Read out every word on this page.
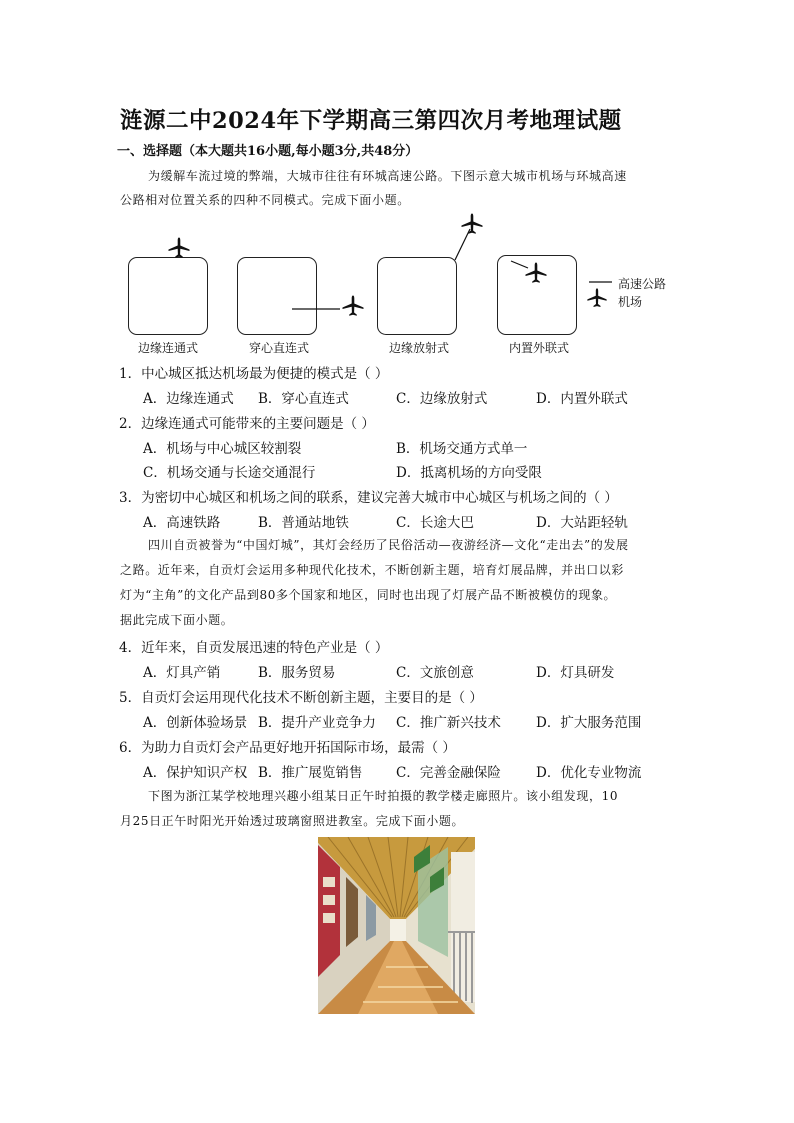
涟源二中2024年下学期高三第四次月考地理试题
一、选择题（本大题共16小题,每小题3分,共48分）
为缓解车流过境的弊端，大城市往往有环城高速公路。下图示意大城市机场与环城高速
公路相对位置关系的四种不同模式。完成下面小题。
边缘连通式	穿心直连式	边缘放射式	内置外联式
高速公路
机场
1．中心城区抵达机场最为便捷的模式是（ ）
A．边缘连通式 B．穿心直连式	C．边缘放射式	D．内置外联式
2．边缘连通式可能带来的主要问题是（ ）
A．机场与中心城区较割裂	B．机场交通方式单一
C．机场交通与长途交通混行	D．抵离机场的方向受限
3．为密切中心城区和机场之间的联系，建议完善大城市中心城区与机场之间的（ ）
A．高速铁路	B．普通站地铁	C．长途大巴	D．大站距轻轨
四川自贡被誉为“中国灯城”，其灯会经历了民俗活动—夜游经济—文化“走出去”的发展
之路。近年来，自贡灯会运用多种现代化技术，不断创新主题，培育灯展品牌，并出口以彩
灯为“主角”的文化产品到80多个国家和地区，同时也出现了灯展产品不断被模仿的现象。
据此完成下面小题。
4．近年来，自贡发展迅速的特色产业是（ ）
A．灯具产销	B．服务贸易	C．文旅创意	D．灯具研发
5．自贡灯会运用现代化技术不断创新主题，主要目的是（ ）
A．创新体验场景 B．提升产业竞争力 C．推广新兴技术	D．扩大服务范围
6．为助力自贡灯会产品更好地开拓国际市场，最需（ ）
A．保护知识产权 B．推广展览销售 C．完善金融保险	D．优化专业物流
下图为浙江某学校地理兴趣小组某日正午时拍摄的教学楼走廊照片。该小组发现，10
月25日正午时阳光开始透过玻璃窗照进教室。完成下面小题。
